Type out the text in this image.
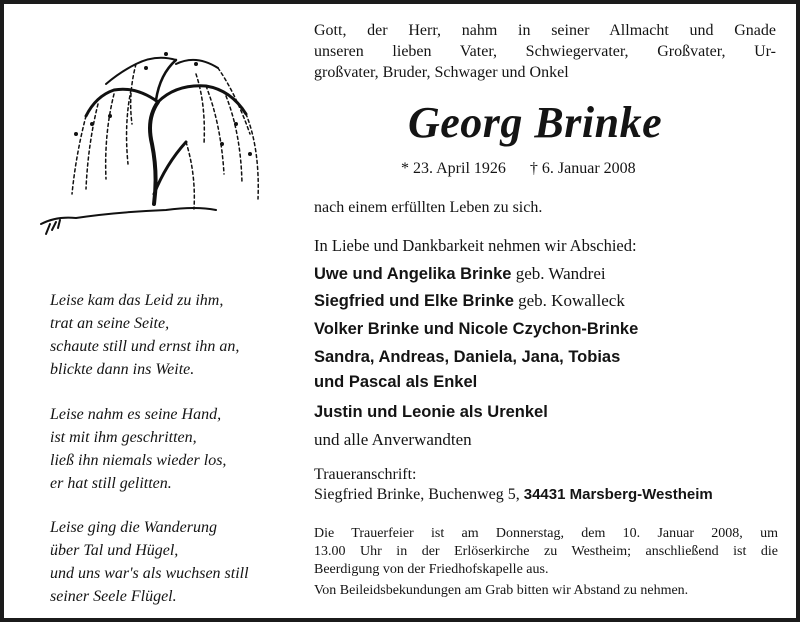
Leise kam das Leid zu ihm,
trat an seine Seite,
schaute still und ernst ihn an,
blickte dann ins Weite.
Leise nahm es seine Hand,
ist mit ihm geschritten,
ließ ihn niemals wieder los,
er hat still gelitten.
Leise ging die Wanderung
über Tal und Hügel,
und uns war's als wuchsen still
seiner Seele Flügel.
Gott, der Herr, nahm in seiner Allmacht und Gnade
unseren lieben Vater, Schwiegervater, Großvater, Ur-
großvater, Bruder, Schwager und Onkel
Georg Brinke
* 23. April 1926 † 6. Januar 2008
nach einem erfüllten Leben zu sich.
In Liebe und Dankbarkeit nehmen wir Abschied:
Uwe und Angelika Brinke geb. Wandrei
Siegfried und Elke Brinke geb. Kowalleck
Volker Brinke und Nicole Czychon-Brinke
Sandra, Andreas, Daniela, Jana, Tobias
und Pascal als Enkel
Justin und Leonie als Urenkel
und alle Anverwandten
Traueranschrift:
Siegfried Brinke, Buchenweg 5, 34431 Marsberg-Westheim
Die Trauerfeier ist am Donnerstag, dem 10. Januar 2008, um
13.00 Uhr in der Erlöserkirche zu Westheim; anschließend ist die
Beerdigung von der Friedhofskapelle aus.
Von Beileidsbekundungen am Grab bitten wir Abstand zu nehmen.
